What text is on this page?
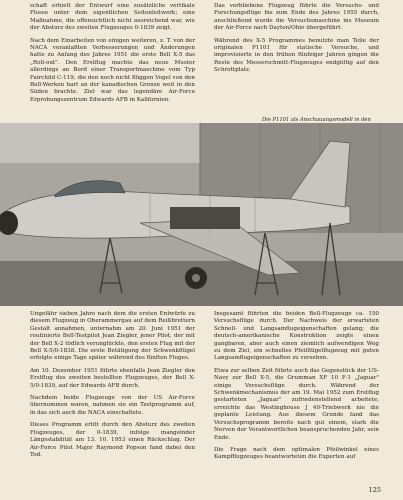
schaft erhielt der Entwurf eine zusätzliche vertikale Flosse unter dem eigentlichen Seitenleitwerk; eine Maßnahme, die offensichtlich nicht ausreichend war, wie der Absturz des zweiten Flugzeuges 0-1839 zeigt.

Nach dem Einarbeiten von einigen weiteren, z. T. von der NACA veranlaßten Verbesserungen und Änderungen hatte zu Anfang des Jahres 1951 die erste Bell X-5 das „Roll-out". Den Erstflug machte das neue Muster allerdings an Bord einer Transportmaschine vom Typ Fairchild C-119, die den noch nicht flüggen Vogel von den Bell-Werken hart an der kanadischen Grenze weit in den Süden brachte. Ziel war das legendäre Air-Force Erprobungszentrum Edwards AFB in Kalifornien.

Das verbliebene Flugzeug führte die Versuchs- und Forschungsflüge bis zum Ende des Jahres 1955 durch, anschließend wurde die Versuchsmaschine ins Museum der Air-Force nach Dayton/Ohio übergeführt.

Während des X-5 Programmes benutzte man Teile der originalen P1101 für statische Versuche, und improvisierte in den frühen fünfziger Jahren gingen die Reste des Messerschmitt-Flugzeuges endgültig auf den Schrottplatz.

Die P1101 als Anschauungsmodell in den

Ungefähr sieben Jahre nach dem die ersten Entwürfe zu diesem Flugzeug in Oberammergau auf dem Reißbrettern Gestalt annahmen, unternahm am 20. Juni 1951 der routinierte Bell-Testpilot Jean Ziegler, jener Pilot, der mit der Bell X-2 tödlich verunglückte, den ersten Flug mit der Bell X-5/0-1838. Die erste Betätigung der Schwenkflügel erfolgte einige Tage später während des fünften Fluges.

Am 10. Dezember 1951 führte ebenfalls Jean Ziegler den Erstflug des zweiten bestellten Flugzeuges, der Bell X-5/0-1839, auf der Edwards AFB durch.

Nachdem beide Flugzeuge von der US Air-Force übernommen waren, nahmen sie ein Testprogramm auf, in das sich auch die NACA einschaltete.

Dieses Programm erlitt durch den Absturz des zweiten Flugzeuges, der 0-1839, infolge mangelnder Längsstabilität am 13. 10. 1953 einen Rückschlag. Der Air-Force Pilot Major Raymond Popson fand dabei den Tod.

Insgesamt führten die beiden Bell-Flugzeuge ca. 150 Versuchsflüge durch. Der Nachweis der erwarteten Schnell- und Langsamflugeigenschaften gelang; die deutsch-amerikanische Konstruktion zeigte einen gangbaren, aber auch einen ziemlich aufwendigen Weg zu dem Ziel, ein schnelles Pfeilflügelflugzeug mit guten Langsamflugeigenschaften zu versehen.

Etwa zur selben Zeit führte auch das Gegenstück der US-Navy zur Bell X-5, die Grumman XF 10 F-1 „Jaguar" einige Versuchsflüge durch. Während der Schwenkmechanismus der am 19. Mai 1952 zum Erstflug gestarteten „Jaguar" zufriedenstellend arbeitete, erreichte das Westinghouse J 40-Triebwerk nie die geplante Leistung. Aus diesem Grunde fand das Versuchsprogramm bereits nach gut einem, stark die Nerven der Verantwortlichen beanspruchenden Jahr, sein Ende.

Die Frage nach dem optimalen Pfeilwinkel eines Kampfflugzeuges beantworteten die Experten auf

125
